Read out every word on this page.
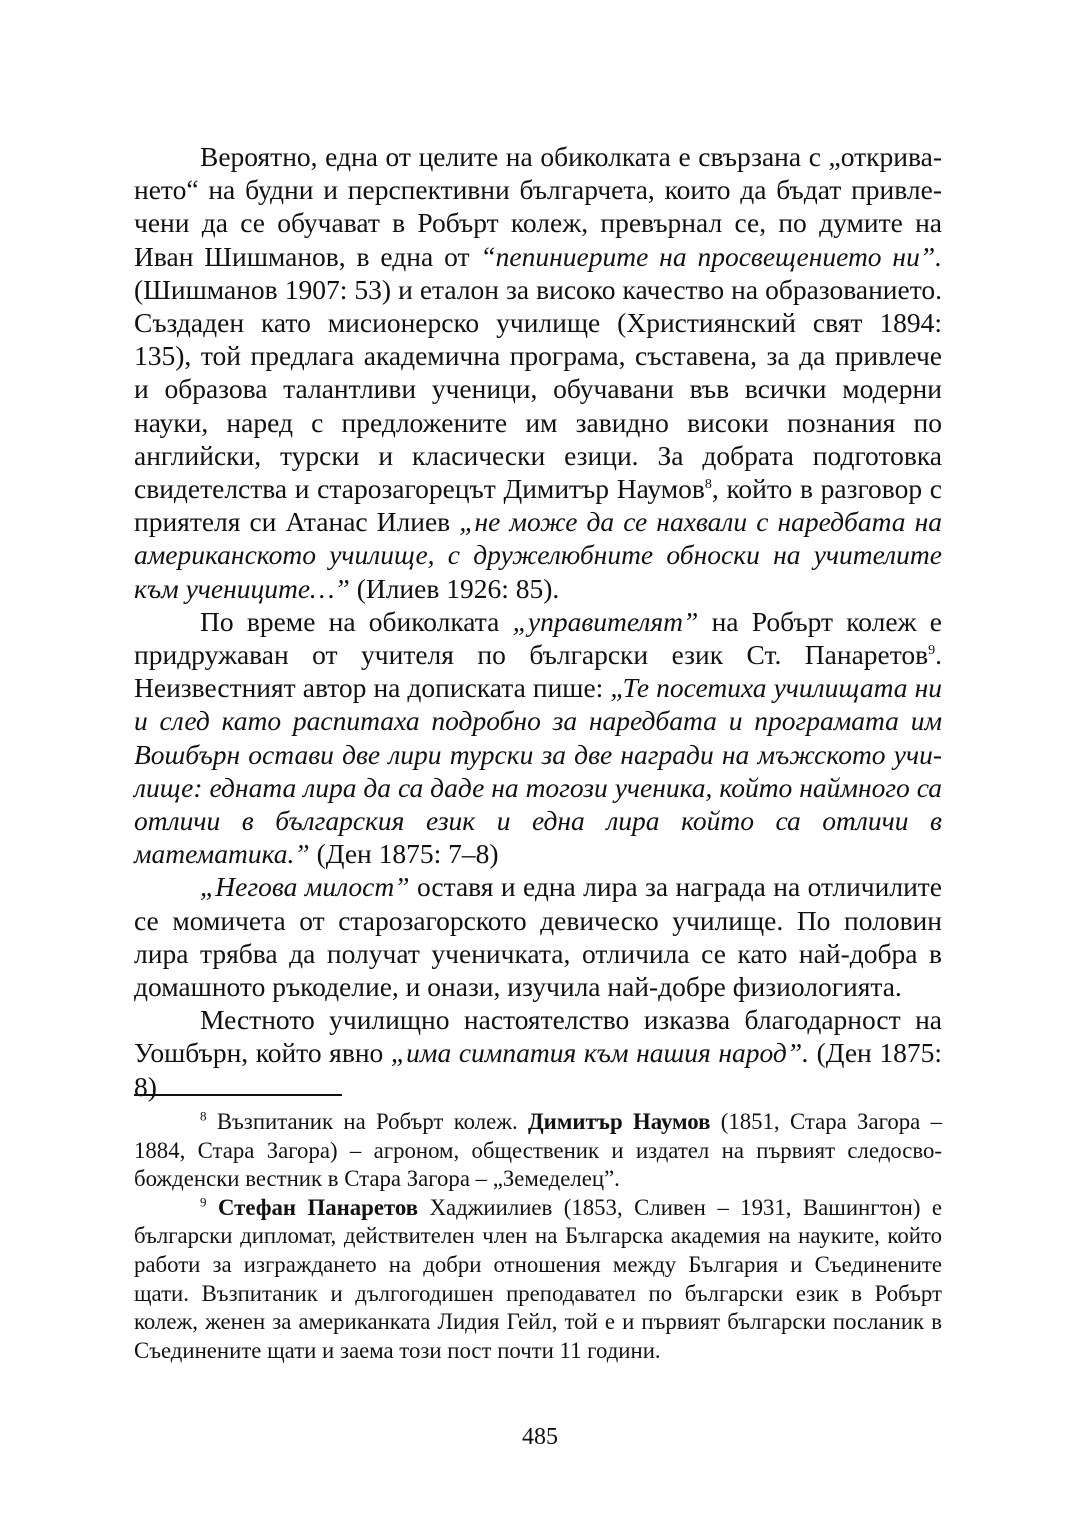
Вероятно, една от целите на обиколката е свързана с „откриването“ на будни и перспективни българчета, които да бъдат привлечени да се обучават в Робърт колеж, превърнал се, по думите на Иван Шишманов, в една от “пепиниерите на просвещението ни”. (Шишманов 1907: 53) и еталон за високо качество на образованието. Създаден като мисионерско училище (Християнский свят 1894: 135), той предлага академична програма, съставена, за да привлече и образова талантливи ученици, обучавани във всички модерни науки, наред с предложените им завидно високи познания по английски, турски и класически езици. За добрата подготовка свидетелства и старозагорецът Димитър Наумов$^8$, който в разговор с приятеля си Атанас Илиев „не може да се нахвали с наредбата на американското училище, с дружелюбните обноски на учителите към учениците…” (Илиев 1926: 85).

По време на обиколката „управителят” на Робърт колеж е придружаван от учителя по български език Ст. Панаретов$^9$. Неизвестният автор на дописката пише: „Те посетиха училищата ни и след като распитаха подробно за наредбата и програмата им Вошбърн остави две лири турски за две награди на мъжското училище: едната лира да са даде на тогози ученика, който наймного са отличи в българския език и една лира който са отличи в математика.” (Ден 1875: 7–8)

„Негова милост” оставя и една лира за награда на отличилите се момичета от старозагорското девическо училище. По половин лира трябва да получат ученичката, отличила се като най-добра в домашното ръкоделие, и онази, изучила най-добре физиологията.

Местното училищно настоятелство изказва благодарност на Уошбърн, който явно „има симпатия към нашия народ”. (Ден 1875: 8)

$^8$ Възпитаник на Робърт колеж. Димитър Наумов (1851, Стара Загора – 1884, Стара Загора) – агроном, общественик и издател на първият следосвобожденски вестник в Стара Загора – „Земеделец”.

$^9$ Стефан Панаретов Хаджиилиев (1853, Сливен – 1931, Вашингтон) е български дипломат, действителен член на Българска академия на науките, който работи за изграждането на добри отношения между България и Съединените щати. Възпитаник и дългогодишен преподавател по български език в Робърт колеж, женен за американката Лидия Гейл, той е и първият български посланик в Съединените щати и заема този пост почти 11 години.

485
